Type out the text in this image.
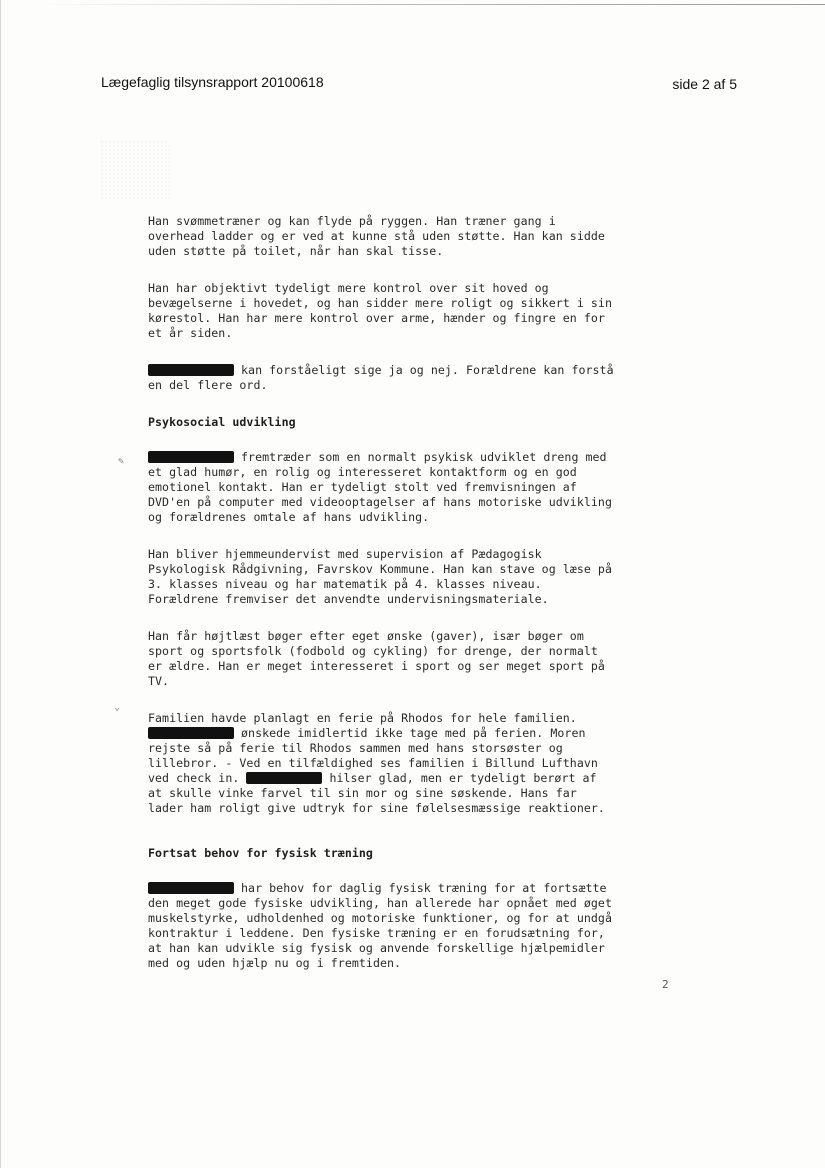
Lægefaglig tilsynsrapport 20100618	side 2 af 5
✎
⌄

Han svømmetræner og kan flyde på ryggen. Han træner gang i
overhead ladder og er ved at kunne stå uden støtte. Han kan sidde
uden støtte på toilet, når han skal tisse.

Han har objektivt tydeligt mere kontrol over sit hoved og
bevægelserne i hovedet, og han sidder mere roligt og sikkert i sin
kørestol. Han har mere kontrol over arme, hænder og fingre en for
et år siden.

kan forståeligt sige ja og nej. Forældrene kan forstå
en del flere ord.

Psykosocial udvikling

fremtræder som en normalt psykisk udviklet dreng med
et glad humør, en rolig og interesseret kontaktform og en god
emotionel kontakt. Han er tydeligt stolt ved fremvisningen af
DVD'en på computer med videooptagelser af hans motoriske udvikling
og forældrenes omtale af hans udvikling.

Han bliver hjemmeundervist med supervision af Pædagogisk
Psykologisk Rådgivning, Favrskov Kommune. Han kan stave og læse på
3. klasses niveau og har matematik på 4. klasses niveau.
Forældrene fremviser det anvendte undervisningsmateriale.

Han får højtlæst bøger efter eget ønske (gaver), især bøger om
sport og sportsfolk (fodbold og cykling) for drenge, der normalt
er ældre. Han er meget interesseret i sport og ser meget sport på
TV.

Familien havde planlagt en ferie på Rhodos for hele familien.
ønskede imidlertid ikke tage med på ferien. Moren
rejste så på ferie til Rhodos sammen med hans storsøster og
lillebror. - Ved en tilfældighed ses familien i Billund Lufthavn
ved check in.	hilser glad, men er tydeligt berørt af
at skulle vinke farvel til sin mor og sine søskende. Hans far
lader ham roligt give udtryk for sine følelsesmæssige reaktioner.

Fortsat behov for fysisk træning

har behov for daglig fysisk træning for at fortsætte
den meget gode fysiske udvikling, han allerede har opnået med øget
muskelstyrke, udholdenhed og motoriske funktioner, og for at undgå
kontraktur i leddene. Den fysiske træning er en forudsætning for,
at han kan udvikle sig fysisk og anvende forskellige hjælpemidler
med og uden hjælp nu og i fremtiden.

2
